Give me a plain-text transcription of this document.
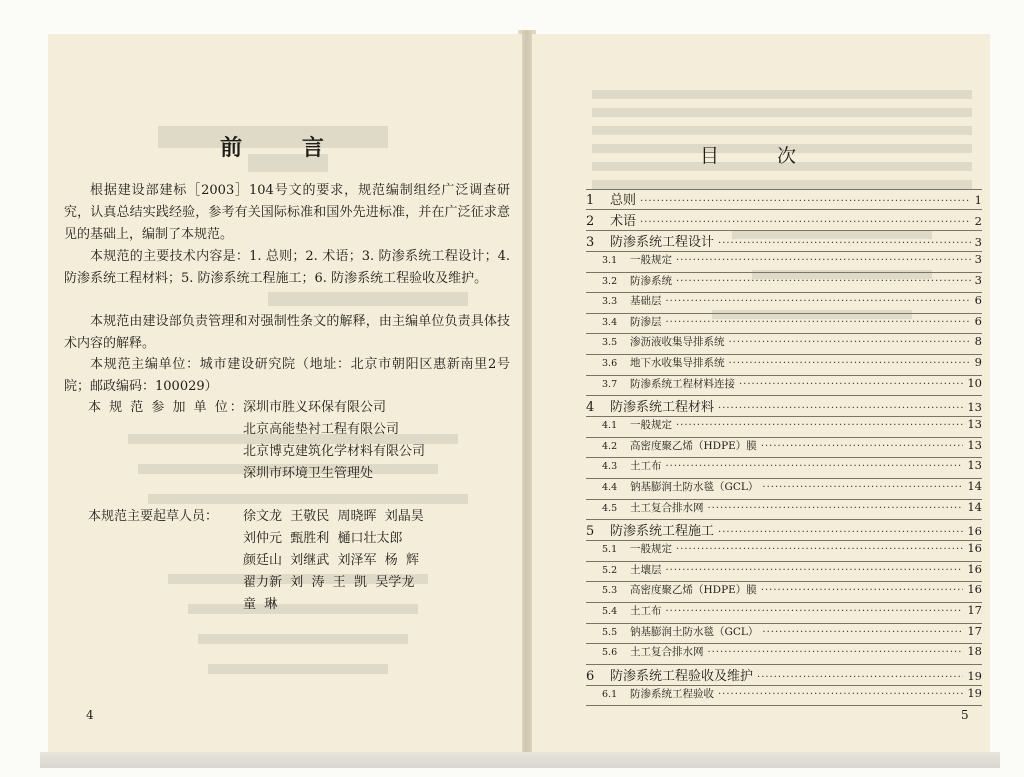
前 言
根据建设部建标［2003］104号文的要求，规范编制组经广泛调查研究，认真总结实践经验，参考有关国际标准和国外先进标准，并在广泛征求意见的基础上，编制了本规范。
本规范的主要技术内容是：1. 总则；2. 术语；3. 防渗系统工程设计；4. 防渗系统工程材料；5. 防渗系统工程施工；6. 防渗系统工程验收及维护。
本规范由建设部负责管理和对强制性条文的解释，由主编单位负责具体技术内容的解释。
本规范主编单位：城市建设研究院（地址：北京市朝阳区惠新南里2号院；邮政编码：100029）
本 规 范 参 加 单 位：
深圳市胜义环保有限公司
北京高能垫衬工程有限公司
北京博克建筑化学材料有限公司
深圳市环境卫生管理处
本规范主要起草人员： 徐文龙  王敬民  周晓晖  刘晶昊
刘仲元  甄胜利  樋口壮太郎
颜廷山  刘继武  刘泽军  杨  辉
翟力新  刘  涛  王  凯  吴学龙
童  琳
4
目 次
1	总则 ·····	1
2	术语 ·····	2
3	防渗系统工程设计 ·····	3
3.1	一般规定 ·····	3
3.2	防渗系统 ·····	3
3.3	基础层 ·····	6
3.4	防渗层 ·····	6
3.5	渗沥液收集导排系统 ·····	8
3.6	地下水收集导排系统 ·····	9
3.7	防渗系统工程材料连接 ·····	10
4	防渗系统工程材料 ·····	13
4.1	一般规定 ·····	13
4.2	高密度聚乙烯（HDPE）膜 ·····	13
4.3	土工布 ·····	13
4.4	钠基膨润土防水毯（GCL） ·····	14
4.5	土工复合排水网 ·····	14
5	防渗系统工程施工 ·····	16
5.1	一般规定 ·····	16
5.2	土壤层 ·····	16
5.3	高密度聚乙烯（HDPE）膜 ·····	16
5.4	土工布 ·····	17
5.5	钠基膨润土防水毯（GCL） ·····	17
5.6	土工复合排水网 ·····	18
6	防渗系统工程验收及维护 ·····	19
6.1	防渗系统工程验收 ·····	19
5
